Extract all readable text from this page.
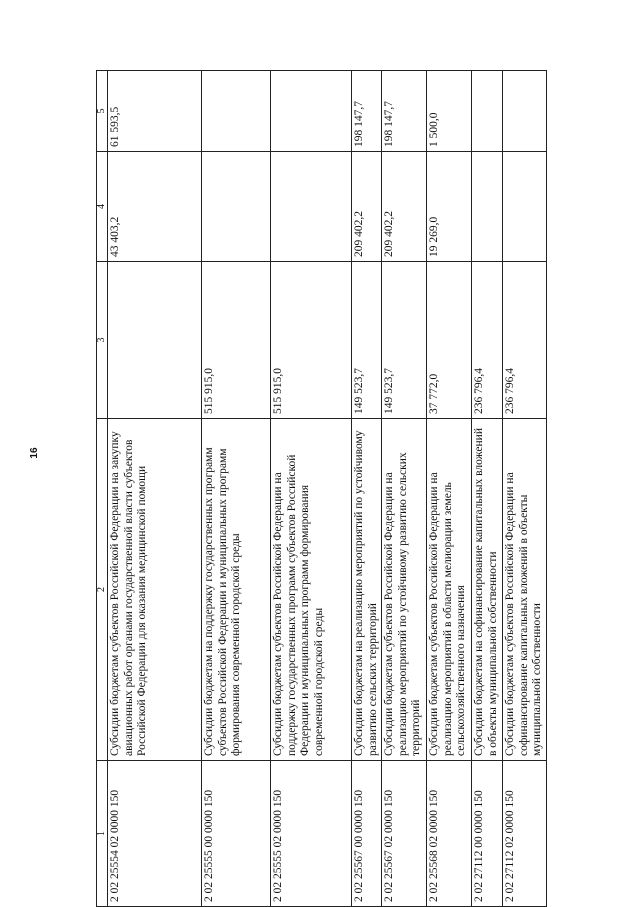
16
1	2	3	4	5
2 02 25554 02 0000 150	Субсидии бюджетам субъектов Российской Федерации на закупку авиационных работ органами государственной власти субъектов Российской Федерации для оказания медицинской помощи		43 403,2	61 593,5
2 02 25555 00 0000 150	Субсидии бюджетам на поддержку государственных программ субъектов Российской Федерации и муниципальных программ формирования современной городской среды	515 915,0		
2 02 25555 02 0000 150	Субсидии бюджетам субъектов Российской Федерации на поддержку государственных программ субъектов Российской Федерации и муниципальных программ формирования современной городской среды	515 915,0		
2 02 25567 00 0000 150	Субсидии бюджетам на реализацию мероприятий по устойчивому развитию сельских территорий	149 523,7	209 402,2	198 147,7
2 02 25567 02 0000 150	Субсидии бюджетам субъектов Российской Федерации на реализацию мероприятий по устойчивому развитию сельских территорий	149 523,7	209 402,2	198 147,7
2 02 25568 02 0000 150	Субсидии бюджетам субъектов Российской Федерации на реализацию мероприятий в области мелиорации земель сельскохозяйственного назначения	37 772,0	19 269,0	1 500,0
2 02 27112 00 0000 150	Субсидии бюджетам на софинансирование капитальных вложений в объекты муниципальной собственности	236 796,4		
2 02 27112 02 0000 150	Субсидии бюджетам субъектов Российской Федерации на софинансирование капитальных вложений в объекты муниципальной собственности	236 796,4		
